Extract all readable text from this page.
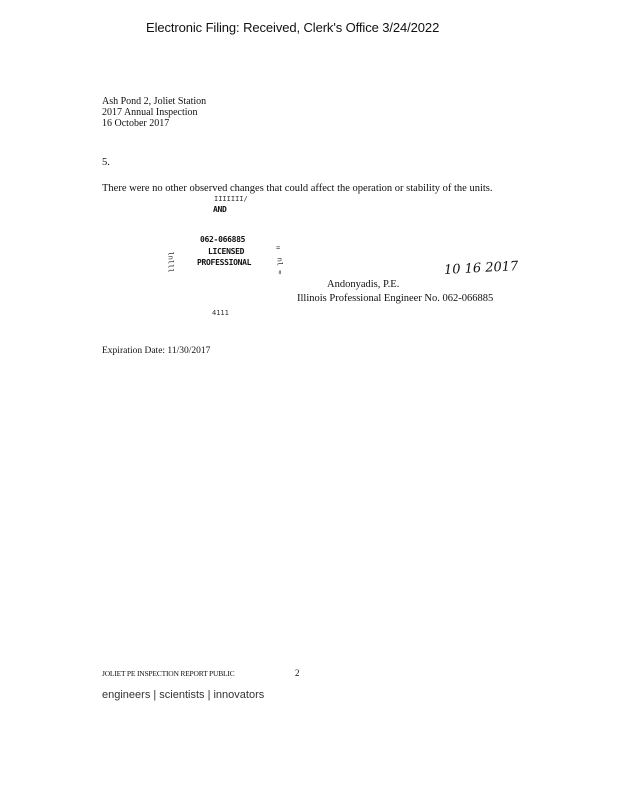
Electronic Filing: Received, Clerk's Office 3/24/2022
Ash Pond 2, Joliet Station
2017 Annual Inspection
16 October 2017
5.
There were no other observed changes that could affect the operation or stability of the units.
IIIIIII/
AND
062-066885
LICENSED
PROFESSIONAL
lnlll
=
nl =
4111
10 16 2017
Andonyadis, P.E.
Illinois Professional Engineer No. 062-066885
Expiration Date: 11/30/2017
JOLIET PE INSPECTION REPORT PUBLIC	2
engineers | scientists | innovators
